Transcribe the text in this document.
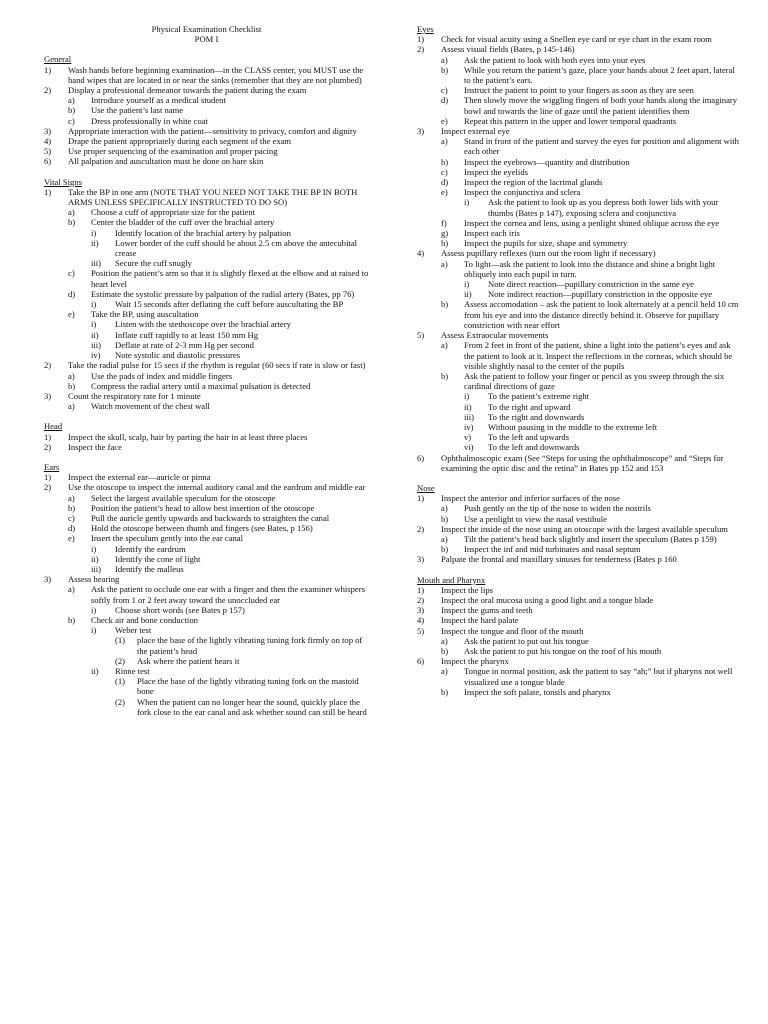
Physical Examination Checklist
POM I
General
1)	Wash hands before beginning examination—in the CLASS center, you MUST use the hand wipes that are located in or near the sinks (remember that they are not plumbed)
2)	Display a professional demeanor towards the patient during the exam
a)	Introduce yourself as a medical student
b)	Use the patient’s last name
c)	Dress professionally in white coat
3)	Appropriate interaction with the patient—sensitivity to privacy, comfort and dignity
4)	Drape the patient appropriately during each segment of the exam
5)	Use proper sequencing of the examination and proper pacing
6)	All palpation and auscultation must be done on bare skin
Vital Signs
1)	Take the BP in one arm (NOTE THAT YOU NEED NOT TAKE THE BP IN BOTH ARMS UNLESS SPECIFICALLY INSTRUCTED TO DO SO)
a)	Choose a cuff of appropriate size for the patient
b)	Center the bladder of the cuff over the brachial artery
i)	Identify location of the brachial artery by palpation
ii)	Lower border of the cuff should be about 2.5 cm above the antecubital crease
iii)	Secure the cuff snugly
c)	Position the patient’s arm so that it is slightly flexed at the elbow and at raised to heart level
d)	Estimate the systolic pressure by palpation of the radial artery (Bates, pp 76)
i)	Wait 15 seconds after deflating the cuff before auscultating the BP
e)	Take the BP, using auscultation
i)	Listen with the stethoscope over the brachial artery
ii)	Inflate cuff rapidly to at least 150 mm Hg
iii)	Deflate at rate of 2-3 mm Hg per second
iv)	Note systolic and diastolic pressures
2)	Take the radial pulse for 15 secs if the rhythm is regular (60 secs if rate is slow or fast)
a)	Use the pads of index and middle fingers
b)	Compress the radial artery until a maximal pulsation is detected
3)	Count the respiratory rate for 1 minute
a)	Watch movement of the chest wall
Head
1)	Inspect the skull, scalp, hair by parting the hair in at least three places
2)	Inspect the face
Ears
1)	Inspect the external ear—auricle or pinna
2)	Use the otoscope to inspect the internal auditory canal and the eardrum and middle ear
a)	Select the largest available speculum for the otoscope
b)	Position the patient’s head to allow best insertion of the otoscope
c)	Pull the auricle gently upwards and backwards to straighten the canal
d)	Hold the otoscope between thumb and fingers (see Bates, p 156)
e)	Insert the speculum gently into the ear canal
i)	Identify the eardrum
ii)	Identify the cone of light
iii)	Identify the malleus
3)	Assess hearing
a)	Ask the patient to occlude one ear with a finger and then the examiner whispers softly from 1 or 2 feet away toward the unoccluded ear
i)	Choose short words (see Bates p 157)
b)	Check air and bone conduction
i)	Weber test
(1)	place the base of the lightly vibrating tuning fork firmly on top of the patient’s head
(2)	Ask where the patient hears it
ii)	Rinne test
(1)	Place the base of the lightly vibrating tuning fork on the mastoid bone
(2)	When the patient can no longer hear the sound, quickly place the fork close to the ear canal and ask whether sound can still be heard
Eyes
1)	Check for visual acuity using a Snellen eye card or eye chart in the exam room
2)	Assess visual fields (Bates, p 145-146)
a)	Ask the patient to look with both eyes into your eyes
b)	While you return the patient’s gaze, place your hands about 2 feet apart, lateral to the patient’s ears.
c)	Instruct the patient to point to your fingers as soon as they are seen
d)	Then slowly move the wiggling fingers of both your hands along the imaginary bowl and towards the line of gaze until the patient identifies them
e)	Repeat this pattern in the upper and lower temporal quadrants
3)	Inspect external eye
a)	Stand in front of the patient and survey the eyes for position and alignment with each other
b)	Inspect the eyebrows—quantity and distribution
c)	Inspect the eyelids
d)	Inspect the region of the lacrimal glands
e)	Inspect the conjunctiva and sclera
i)	Ask the patient to look up as you depress both lower lids with your thumbs (Bates p 147), exposing sclera and conjunctiva
f)	Inspect the cornea and lens, using a penlight shined oblique across the eye
g)	Inspect each iris
h)	Inspect the pupils for size, shape and symmetry
4)	Assess pupillary reflexes (turn out the room light if necessary)
a)	To light—ask the patient to look into the distance and shine a bright light obliquely into each pupil in turn.
i)	Note direct reaction—pupillary constriction in the same eye
ii)	Note indirect reaction—pupillary constriction in the opposite eye
b)	Assess accomodation – ask the patient to look alternately at a pencil held 10 cm from his eye and into the distance directly behind it. Observe for pupillary constriction with near effort
5)	Assess Extraocular movements
a)	From 2 feet in front of the patient, shine a light into the patient’s eyes and ask the patient to look at it. Inspect the reflections in the corneas, which should be visible slightly nasal to the center of the pupils
b)	Ask the patient to follow your finger or pencil as you sweep through the six cardinal directions of gaze
i)	To the patient’s extreme right
ii)	To the right and upward
iii)	To the right and downwards
iv)	Without pausing in the middle to the extreme left
v)	To the left and upwards
vi)	To the left and downwards
6)	Ophthalmoscopic exam (See “Steps for using the ophthalmoscope” and “Steps for examining the optic disc and the retina” in Bates pp 152 and 153
Nose
1)	Inspect the anterior and inferior surfaces of the nose
a)	Push gently on the tip of the nose to widen the nostrils
b)	Use a penlight to view the nasal vestibule
2)	Inspect the inside of the nose using an otoscope with the largest available speculum
a)	Tilt the patient’s head back slightly and insert the speculum (Bates p 159)
b)	Inspect the inf and mid turbinates and nasal septum
3)	Palpate the frontal and maxillary sinuses for tenderness (Bates p 160
Mouth and Pharynx
1)	Inspect the lips
2)	Inspect the oral mucosa using a good light and a tongue blade
3)	Inspect the gums and teeth
4)	Inspect the hard palate
5)	Inspect the tongue and floor of the mouth
a)	Ask the patient to put out his tongue
b)	Ask the patient to put his tongue on the roof of his mouth
6)	Inspect the pharynx
a)	Tongue in normal position, ask the patient to say “ah;” but if pharynx not well visualized use a tongue blade
b)	Inspect the soft palate, tonsils and pharynx
